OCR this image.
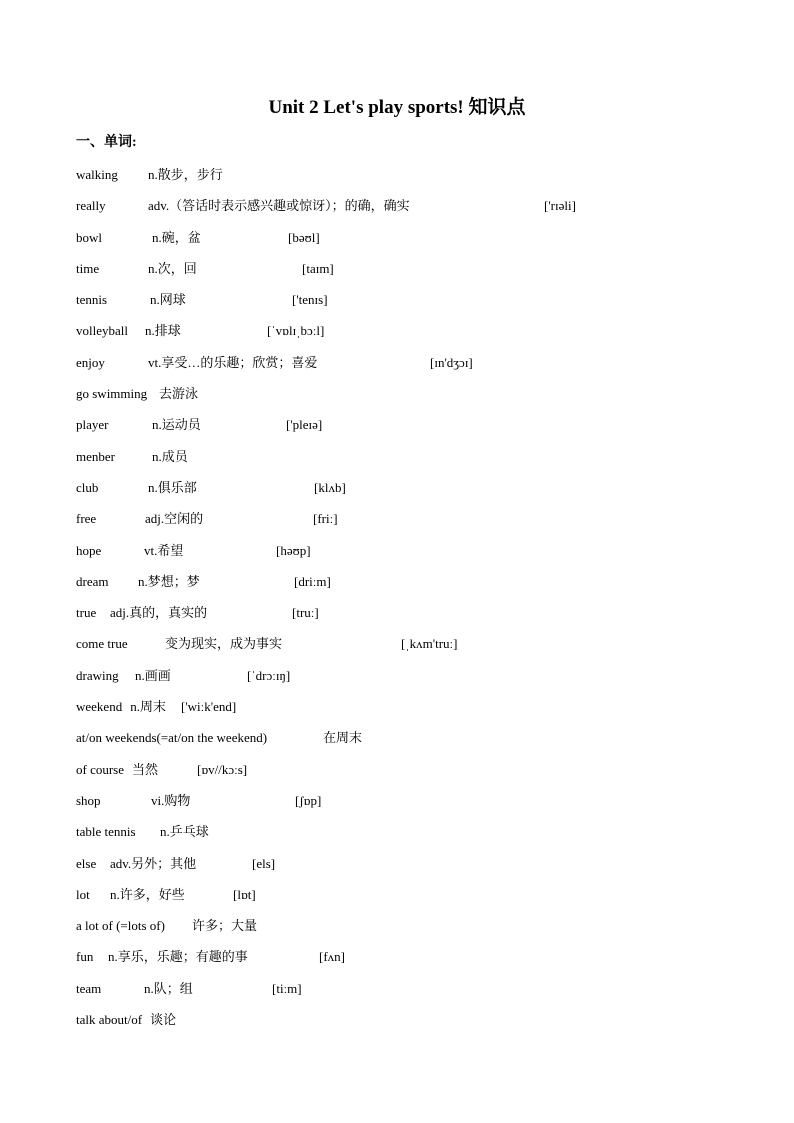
Unit 2 Let's play sports! 知识点
一、单词:
walking n.散步，步行
really	adv.（答话时表示感兴趣或惊讶）；的确，确实	['rɪəli]
bowl	n.碗，盆	[bəʊl]
time	n.次，回	[taɪm]
tennis	n.网球	['tenɪs]
volleyball n.排球	[ˈvɒlɪˌbɔːl]
enjoy	vt.享受…的乐趣；欣赏；喜爱	[ɪn'dʒɔɪ]
go swimming 去游泳
player	n.运动员	['pleɪə]
menber	n.成员
club	n.俱乐部	[klʌb]
free	adj.空闲的	[friː]
hope	vt.希望	[həʊp]
dream n.梦想；梦	[driːm]
true adj.真的，真实的	[truː]
come true	变为现实，成为事实	[ˌkʌm'truː]
drawing n.画画	[ˈdrɔːɪŋ]
weekend n.周末 ['wiːk'end]
at/on weekends(=at/on the weekend)	在周末
of course 当然	[ɒv//kɔːs]
shop	vi.购物	[ʃɒp]
table tennis n.乒乓球
else adv.另外；其他	[els]
lot n.许多，好些	[lɒt]
a lot of (=lots of) 许多；大量
fun n.享乐，乐趣；有趣的事	[fʌn]
team	n.队；组	[tiːm]
talk about/of 谈论
